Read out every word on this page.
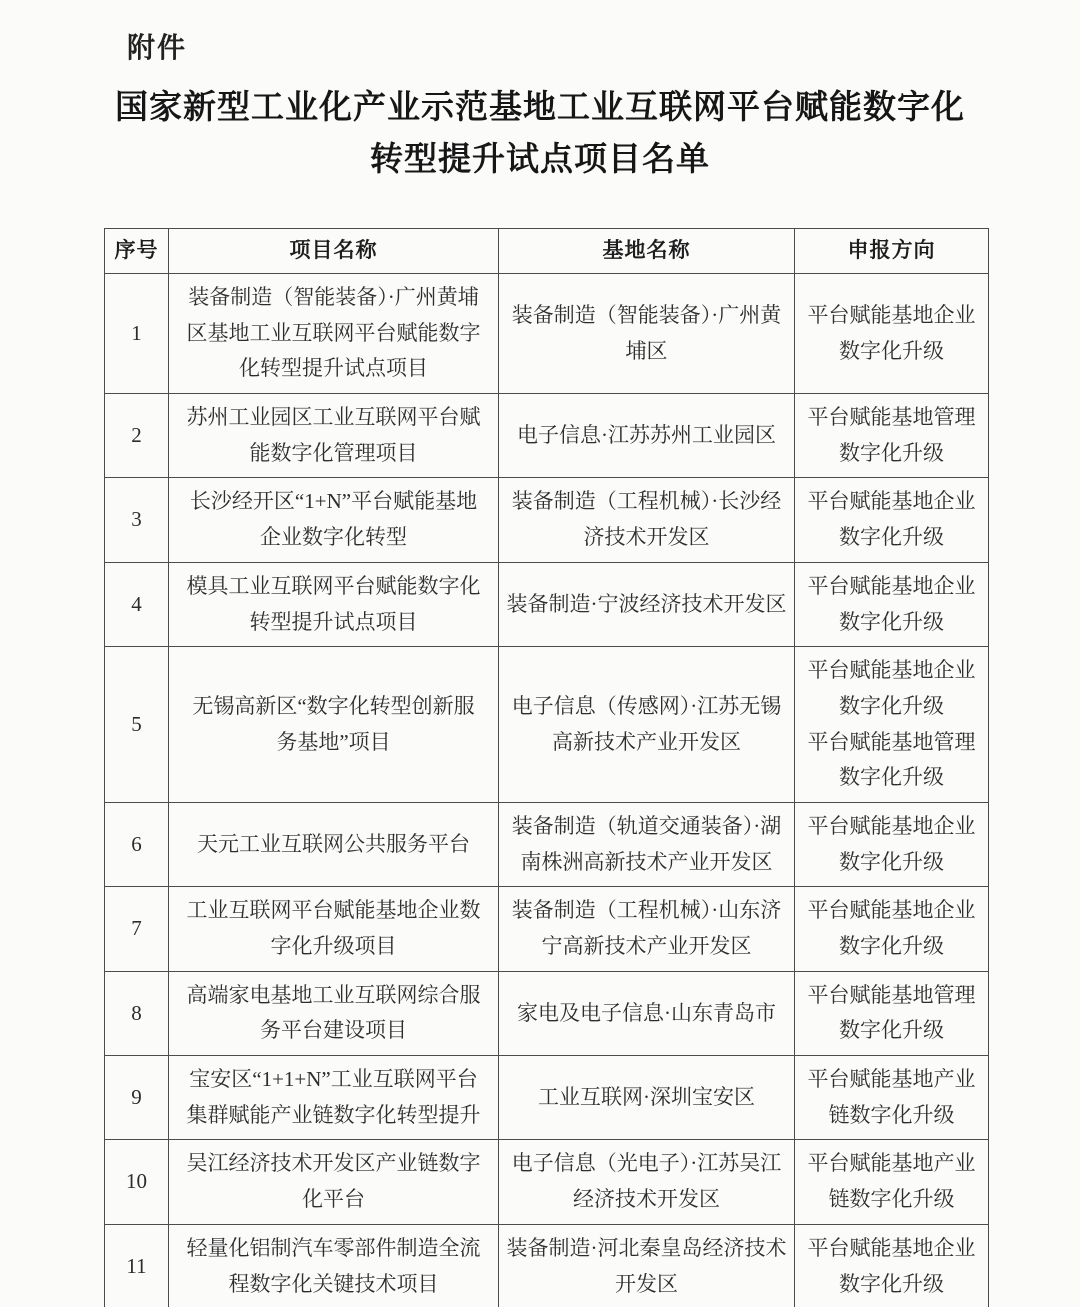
附件
国家新型工业化产业示范基地工业互联网平台赋能数字化
转型提升试点项目名单
序号	项目名称	基地名称	申报方向
1	装备制造（智能装备）·广州黄埔区基地工业互联网平台赋能数字化转型提升试点项目	装备制造（智能装备）·广州黄埔区	平台赋能基地企业数字化升级

2	苏州工业园区工业互联网平台赋能数字化管理项目	电子信息·江苏苏州工业园区	平台赋能基地管理数字化升级

3	长沙经开区“1+N”平台赋能基地企业数字化转型	装备制造（工程机械）·长沙经济技术开发区	平台赋能基地企业数字化升级

4	模具工业互联网平台赋能数字化转型提升试点项目	装备制造·宁波经济技术开发区	平台赋能基地企业数字化升级

5	无锡高新区“数字化转型创新服务基地”项目	电子信息（传感网）·江苏无锡高新技术产业开发区	平台赋能基地企业数字化升级
平台赋能基地管理数字化升级

6	天元工业互联网公共服务平台	装备制造（轨道交通装备）·湖南株洲高新技术产业开发区	平台赋能基地企业数字化升级

7	工业互联网平台赋能基地企业数字化升级项目	装备制造（工程机械）·山东济宁高新技术产业开发区	平台赋能基地企业数字化升级

8	高端家电基地工业互联网综合服务平台建设项目	家电及电子信息·山东青岛市	平台赋能基地管理数字化升级

9	宝安区“1+1+N”工业互联网平台集群赋能产业链数字化转型提升	工业互联网·深圳宝安区	平台赋能基地产业链数字化升级

10	吴江经济技术开发区产业链数字化平台	电子信息（光电子）·江苏吴江经济技术开发区	平台赋能基地产业链数字化升级

11	轻量化铝制汽车零部件制造全流程数字化关键技术项目	装备制造·河北秦皇岛经济技术开发区	平台赋能基地企业数字化升级
